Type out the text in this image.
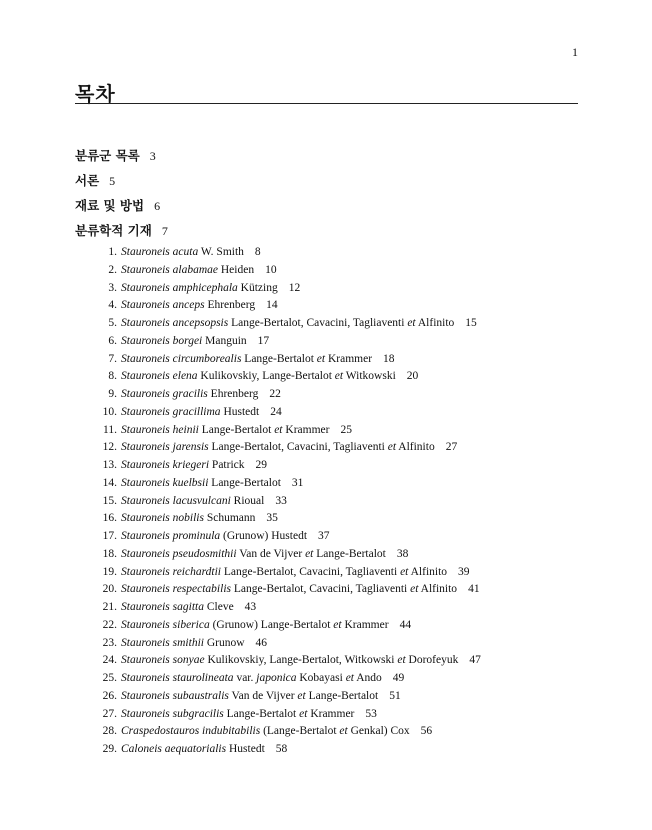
1
목차
분류군 목록 3
서론 5
재료 및 방법 6
분류학적 기재 7
1. Stauroneis acuta W. Smith 8
2. Stauroneis alabamae Heiden 10
3. Stauroneis amphicephala Kützing 12
4. Stauroneis anceps Ehrenberg 14
5. Stauroneis ancepsopsis Lange-Bertalot, Cavacini, Tagliaventi et Alfinito 15
6. Stauroneis borgei Manguin 17
7. Stauroneis circumborealis Lange-Bertalot et Krammer 18
8. Stauroneis elena Kulikovskiy, Lange-Bertalot et Witkowski 20
9. Stauroneis gracilis Ehrenberg 22
10. Stauroneis gracillima Hustedt 24
11. Stauroneis heinii Lange-Bertalot et Krammer 25
12. Stauroneis jarensis Lange-Bertalot, Cavacini, Tagliaventi et Alfinito 27
13. Stauroneis kriegeri Patrick 29
14. Stauroneis kuelbsii Lange-Bertalot 31
15. Stauroneis lacusvulcani Rioual 33
16. Stauroneis nobilis Schumann 35
17. Stauroneis prominula (Grunow) Hustedt 37
18. Stauroneis pseudosmithii Van de Vijver et Lange-Bertalot 38
19. Stauroneis reichardtii Lange-Bertalot, Cavacini, Tagliaventi et Alfinito 39
20. Stauroneis respectabilis Lange-Bertalot, Cavacini, Tagliaventi et Alfinito 41
21. Stauroneis sagitta Cleve 43
22. Stauroneis siberica (Grunow) Lange-Bertalot et Krammer 44
23. Stauroneis smithii Grunow 46
24. Stauroneis sonyae Kulikovskiy, Lange-Bertalot, Witkowski et Dorofeyuk 47
25. Stauroneis staurolineata var. japonica Kobayasi et Ando 49
26. Stauroneis subaustralis Van de Vijver et Lange-Bertalot 51
27. Stauroneis subgracilis Lange-Bertalot et Krammer 53
28. Craspedostauros indubitabilis (Lange-Bertalot et Genkal) Cox 56
29. Caloneis aequatorialis Hustedt 58
